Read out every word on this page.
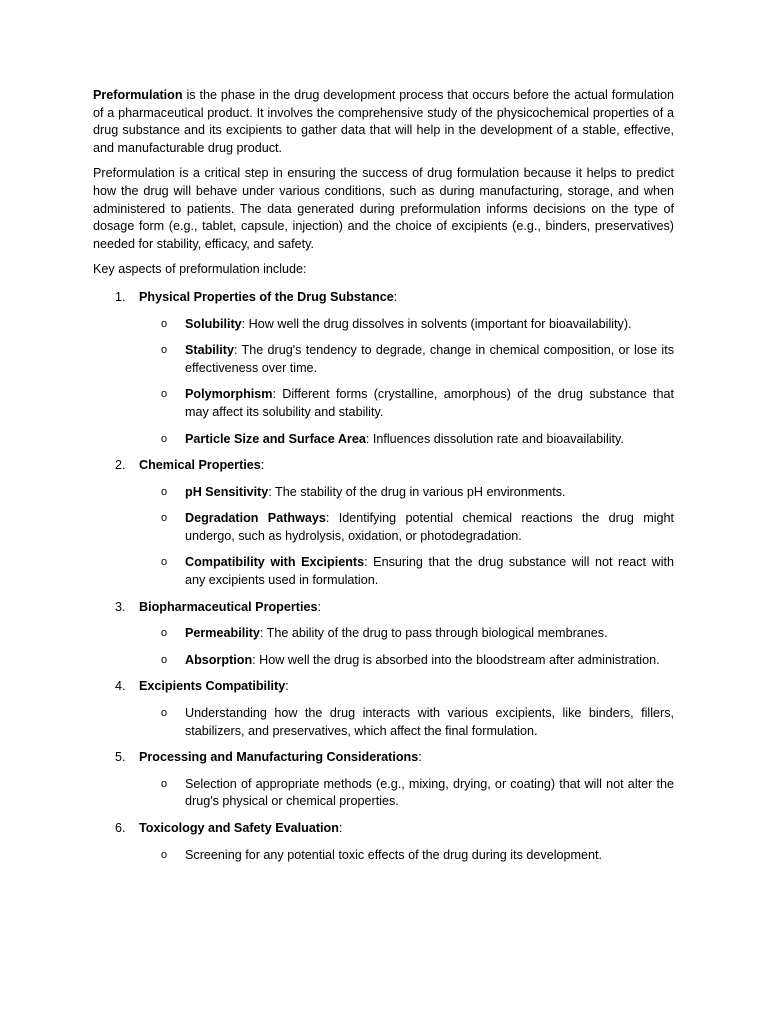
Preformulation is the phase in the drug development process that occurs before the actual formulation of a pharmaceutical product. It involves the comprehensive study of the physicochemical properties of a drug substance and its excipients to gather data that will help in the development of a stable, effective, and manufacturable drug product.

Preformulation is a critical step in ensuring the success of drug formulation because it helps to predict how the drug will behave under various conditions, such as during manufacturing, storage, and when administered to patients. The data generated during preformulation informs decisions on the type of dosage form (e.g., tablet, capsule, injection) and the choice of excipients (e.g., binders, preservatives) needed for stability, efficacy, and safety.

Key aspects of preformulation include:

1. Physical Properties of the Drug Substance:
o Solubility: How well the drug dissolves in solvents (important for bioavailability).
o Stability: The drug's tendency to degrade, change in chemical composition, or lose its effectiveness over time.
o Polymorphism: Different forms (crystalline, amorphous) of the drug substance that may affect its solubility and stability.
o Particle Size and Surface Area: Influences dissolution rate and bioavailability.
2. Chemical Properties:
o pH Sensitivity: The stability of the drug in various pH environments.
o Degradation Pathways: Identifying potential chemical reactions the drug might undergo, such as hydrolysis, oxidation, or photodegradation.
o Compatibility with Excipients: Ensuring that the drug substance will not react with any excipients used in formulation.
3. Biopharmaceutical Properties:
o Permeability: The ability of the drug to pass through biological membranes.
o Absorption: How well the drug is absorbed into the bloodstream after administration.
4. Excipients Compatibility:
o Understanding how the drug interacts with various excipients, like binders, fillers, stabilizers, and preservatives, which affect the final formulation.
5. Processing and Manufacturing Considerations:
o Selection of appropriate methods (e.g., mixing, drying, or coating) that will not alter the drug's physical or chemical properties.
6. Toxicology and Safety Evaluation:
o Screening for any potential toxic effects of the drug during its development.
